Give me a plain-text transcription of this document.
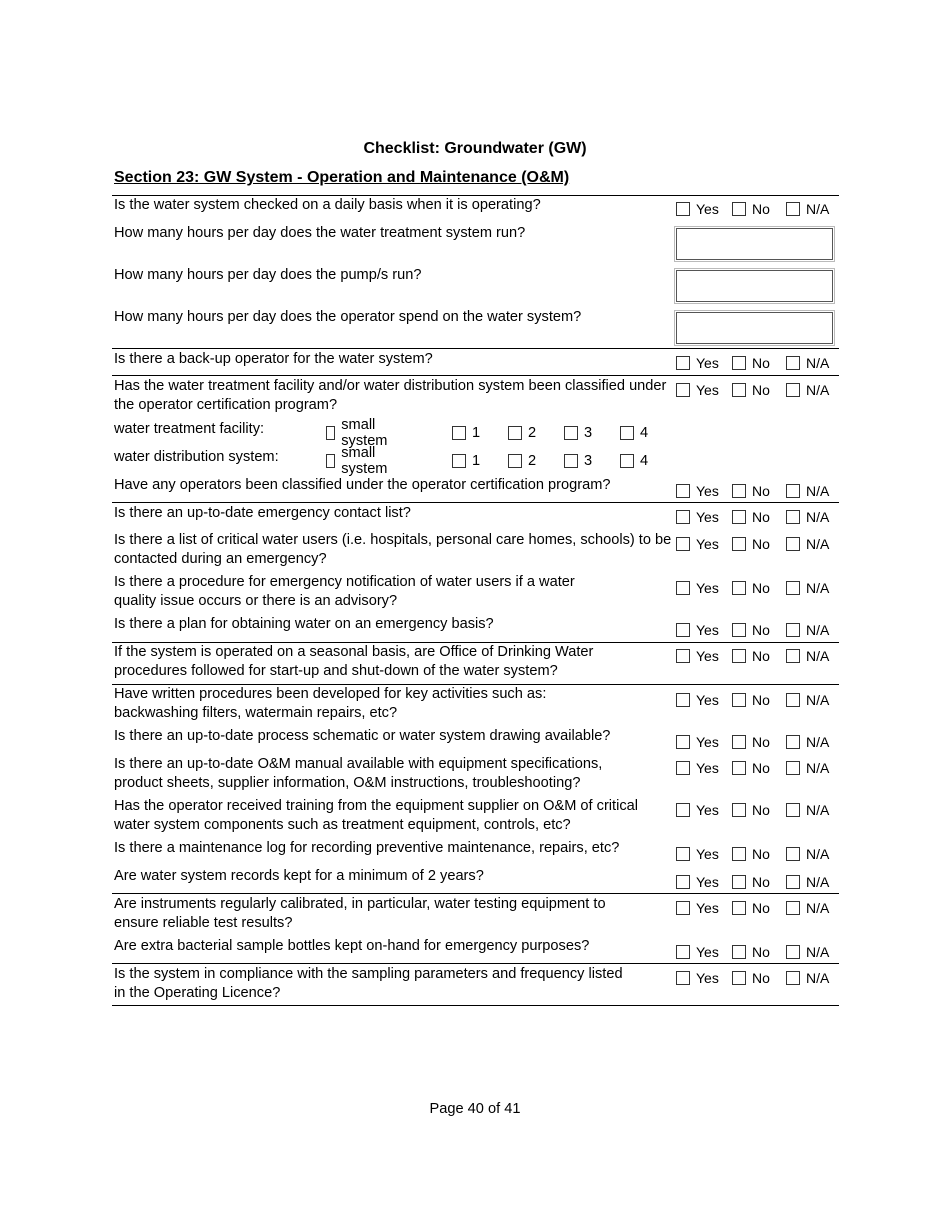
Checklist: Groundwater (GW)
Section 23: GW System - Operation and Maintenance (O&M)
Is the water system checked on a daily basis when it is operating?	Yes No	N/A
How many hours per day does the water treatment system run?
How many hours per day does the pump/s run?
How many hours per day does the operator spend on the water system?
Is there a back-up operator for the water system?	Yes No	N/A
Has the water treatment facility and/or water distribution system been classified under the operator certification program?
Yes No	N/A
water treatment facility:	small system	1	2	3	4
water distribution system:	small system	1	2	3	4
Have any operators been classified under the operator certification program?	Yes No	N/A
Is there an up-to-date emergency contact list?	Yes No	N/A
Is there a list of critical water users (i.e. hospitals, personal care homes, schools) to be contacted during an emergency?
Yes No	N/A
Is there a procedure for emergency notification of water users if a water quality issue occurs or there is an advisory?
Yes No	N/A
Is there a plan for obtaining water on an emergency basis?	Yes No	N/A
If the system is operated on a seasonal basis, are Office of Drinking Water procedures followed for start-up and shut-down of the water system?
Yes No	N/A
Have written procedures been developed for key activities such as: backwashing filters, watermain repairs, etc?
Yes No	N/A
Is there an up-to-date process schematic or water system drawing available?	Yes No	N/A
Is there an up-to-date O&M manual available with equipment specifications, product sheets, supplier information, O&M instructions, troubleshooting?
Yes No	N/A
Has the operator received training from the equipment supplier on O&M of critical water system components such as treatment equipment, controls, etc?
Yes No	N/A
Is there a maintenance log for recording preventive maintenance, repairs, etc?	Yes No	N/A
Are water system records kept for a minimum of 2 years?	Yes No	N/A
Are instruments regularly calibrated, in particular, water testing equipment to ensure reliable test results?
Yes No	N/A
Are extra bacterial sample bottles kept on-hand for emergency purposes?	Yes No	N/A
Is the system in compliance with the sampling parameters and frequency listed in the Operating Licence?
Yes No	N/A
Page 40 of 41
